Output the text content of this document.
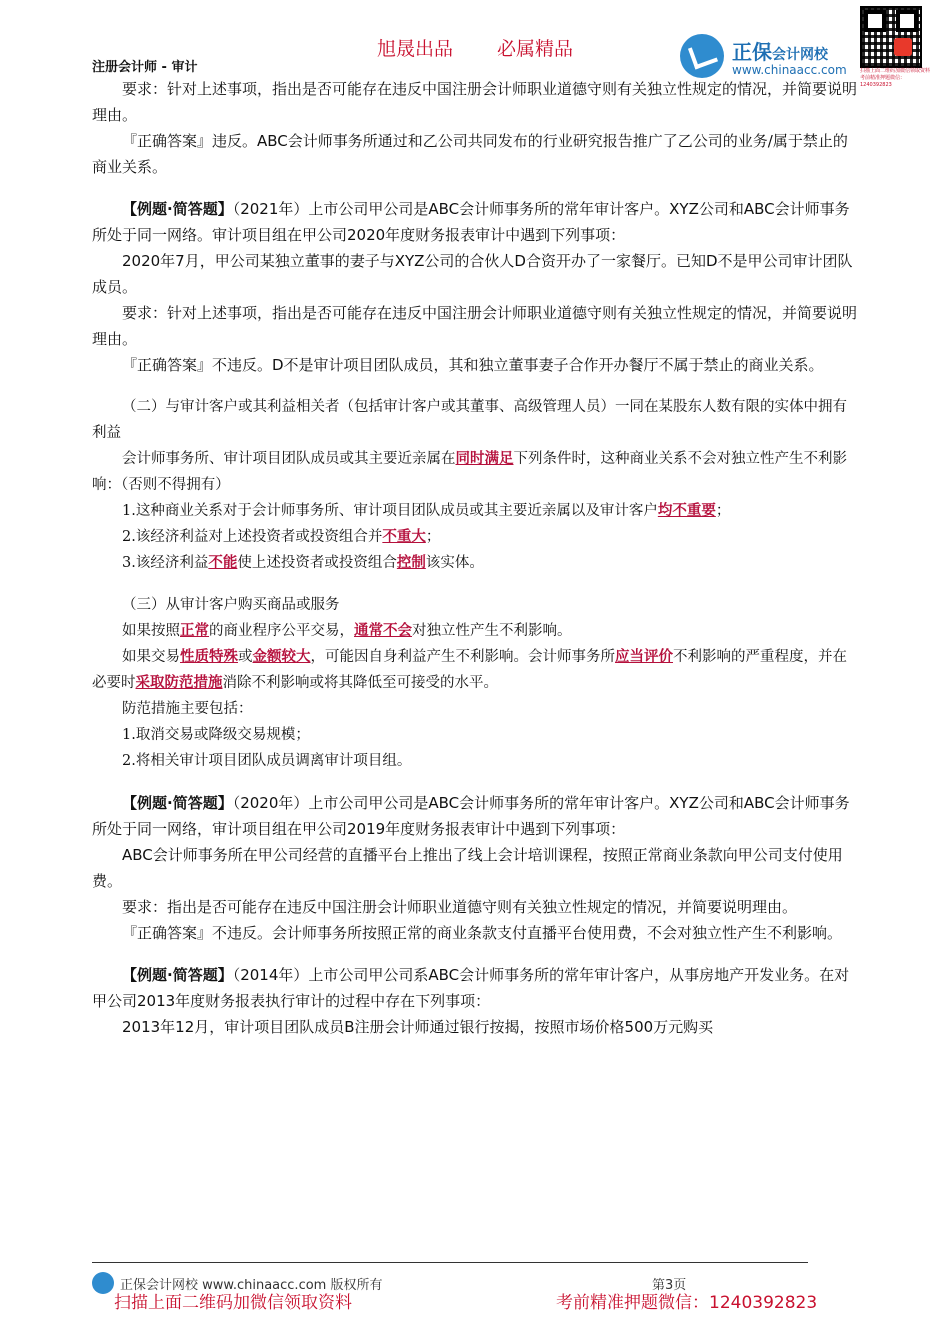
旭晟出品 必属精品
注册会计师 - 审计
正保会计网校
www.chinaacc.com	扫描上面二维码加微信领取资料
考前精准押题微信：1240392823

要求：针对上述事项，指出是否可能存在违反中国注册会计师职业道德守则有关独立性规定的情况，并简要说明理由。

『正确答案』违反。ABC会计师事务所通过和乙公司共同发布的行业研究报告推广了乙公司的业务/属于禁止的商业关系。

【例题·简答题】（2021年）上市公司甲公司是ABC会计师事务所的常年审计客户。XYZ公司和ABC会计师事务所处于同一网络。审计项目组在甲公司2020年度财务报表审计中遇到下列事项：

2020年7月，甲公司某独立董事的妻子与XYZ公司的合伙人D合资开办了一家餐厅。已知D不是甲公司审计团队成员。

要求：针对上述事项，指出是否可能存在违反中国注册会计师职业道德守则有关独立性规定的情况，并简要说明理由。

『正确答案』不违反。D不是审计项目团队成员，其和独立董事妻子合作开办餐厅不属于禁止的商业关系。

（二）与审计客户或其利益相关者（包括审计客户或其董事、高级管理人员）一同在某股东人数有限的实体中拥有利益

会计师事务所、审计项目团队成员或其主要近亲属在同时满足下列条件时，这种商业关系不会对独立性产生不利影响：（否则不得拥有）

1.这种商业关系对于会计师事务所、审计项目团队成员或其主要近亲属以及审计客户均不重要；

2.该经济利益对上述投资者或投资组合并不重大；

3.该经济利益不能使上述投资者或投资组合控制该实体。

（三）从审计客户购买商品或服务

如果按照正常的商业程序公平交易，通常不会对独立性产生不利影响。

如果交易性质特殊或金额较大，可能因自身利益产生不利影响。会计师事务所应当评价不利影响的严重程度，并在必要时采取防范措施消除不利影响或将其降低至可接受的水平。

防范措施主要包括：

1.取消交易或降级交易规模；

2.将相关审计项目团队成员调离审计项目组。

【例题·简答题】（2020年）上市公司甲公司是ABC会计师事务所的常年审计客户。XYZ公司和ABC会计师事务所处于同一网络，审计项目组在甲公司2019年度财务报表审计中遇到下列事项：

ABC会计师事务所在甲公司经营的直播平台上推出了线上会计培训课程，按照正常商业条款向甲公司支付使用费。

要求：指出是否可能存在违反中国注册会计师职业道德守则有关独立性规定的情况，并简要说明理由。

『正确答案』不违反。会计师事务所按照正常的商业条款支付直播平台使用费，不会对独立性产生不利影响。

【例题·简答题】（2014年）上市公司甲公司系ABC会计师事务所的常年审计客户，从事房地产开发业务。在对甲公司2013年度财务报表执行审计的过程中存在下列事项：

2013年12月，审计项目团队成员B注册会计师通过银行按揭，按照市场价格500万元购买

正保会计网校 www.chinaacc.com 版权所有	第3页
扫描上面二维码加微信领取资料	考前精准押题微信：1240392823
